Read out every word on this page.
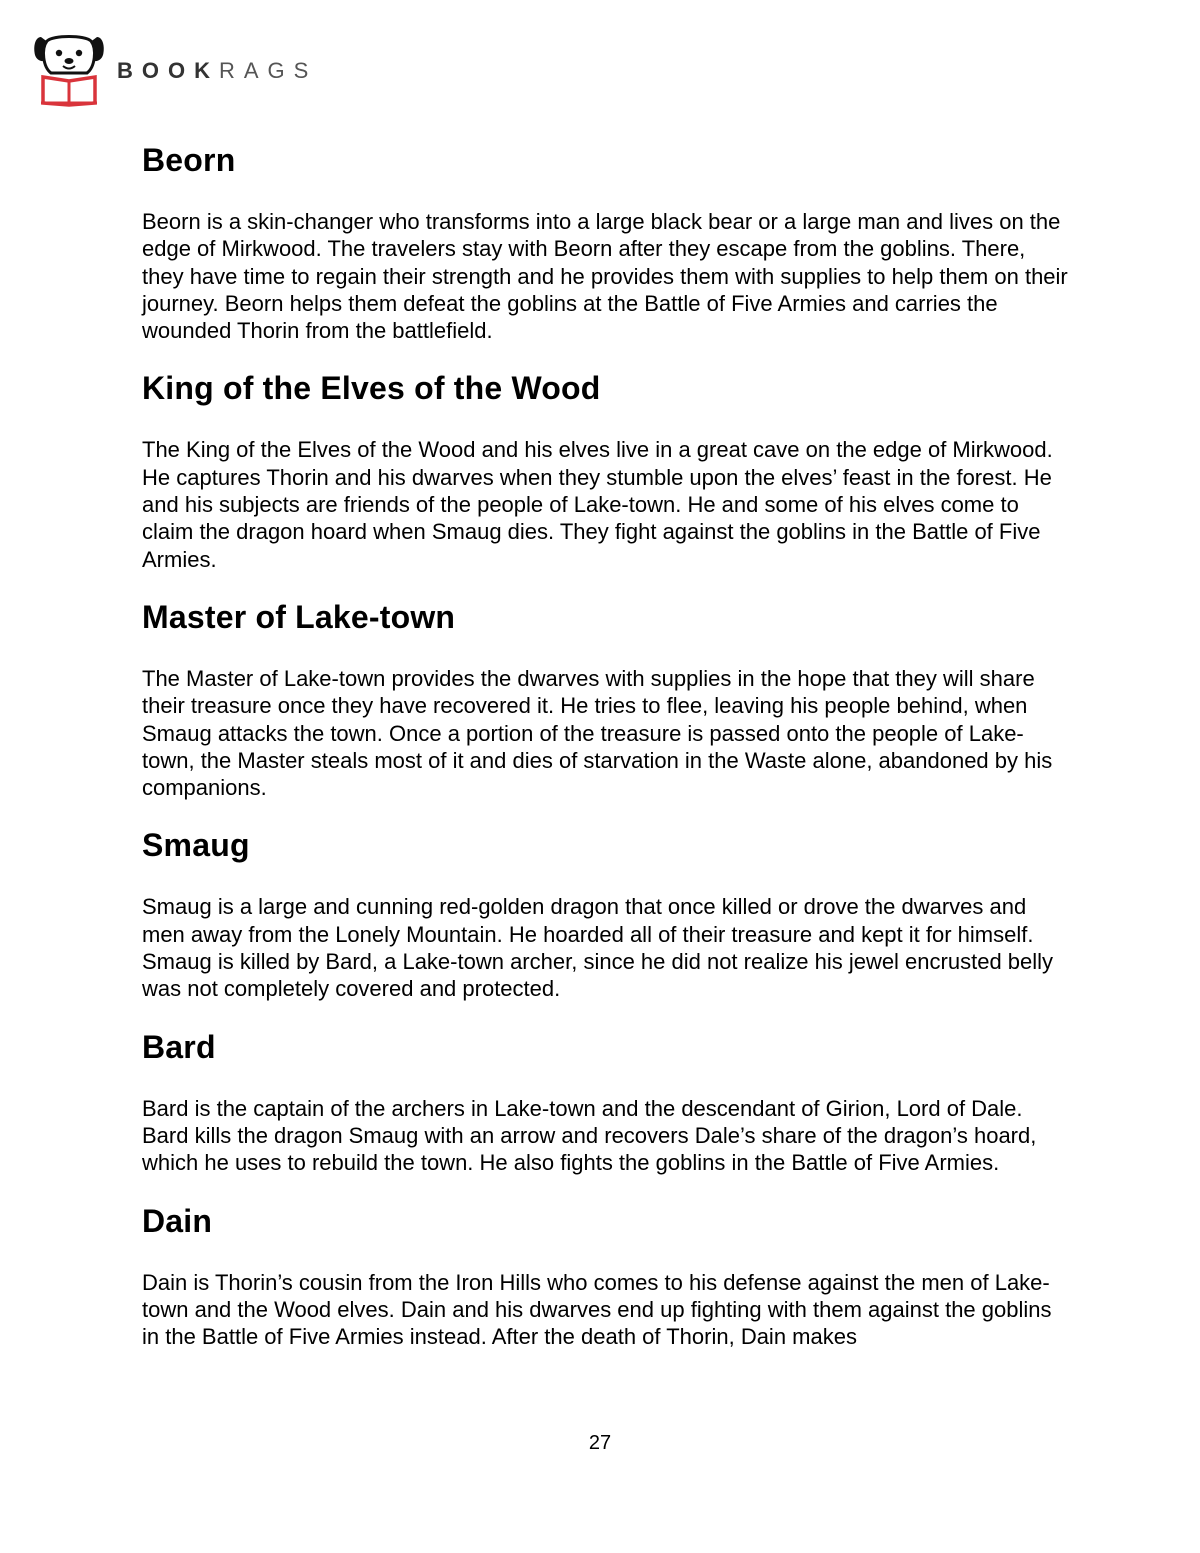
BOOKRAGS
Beorn

Beorn is a skin-changer who transforms into a large black bear or a large man and lives on the edge of Mirkwood. The travelers stay with Beorn after they escape from the goblins. There, they have time to regain their strength and he provides them with supplies to help them on their journey. Beorn helps them defeat the goblins at the Battle of Five Armies and carries the wounded Thorin from the battlefield.

King of the Elves of the Wood

The King of the Elves of the Wood and his elves live in a great cave on the edge of Mirkwood. He captures Thorin and his dwarves when they stumble upon the elves’ feast in the forest. He and his subjects are friends of the people of Lake-town. He and some of his elves come to claim the dragon hoard when Smaug dies. They fight against the goblins in the Battle of Five Armies.

Master of Lake-town

The Master of Lake-town provides the dwarves with supplies in the hope that they will share their treasure once they have recovered it. He tries to flee, leaving his people behind, when Smaug attacks the town. Once a portion of the treasure is passed onto the people of Lake-town, the Master steals most of it and dies of starvation in the Waste alone, abandoned by his companions.

Smaug

Smaug is a large and cunning red-golden dragon that once killed or drove the dwarves and men away from the Lonely Mountain. He hoarded all of their treasure and kept it for himself. Smaug is killed by Bard, a Lake-town archer, since he did not realize his jewel encrusted belly was not completely covered and protected.

Bard

Bard is the captain of the archers in Lake-town and the descendant of Girion, Lord of Dale. Bard kills the dragon Smaug with an arrow and recovers Dale’s share of the dragon’s hoard, which he uses to rebuild the town. He also fights the goblins in the Battle of Five Armies.

Dain

Dain is Thorin’s cousin from the Iron Hills who comes to his defense against the men of Lake-town and the Wood elves. Dain and his dwarves end up fighting with them against the goblins in the Battle of Five Armies instead. After the death of Thorin, Dain makes

27
